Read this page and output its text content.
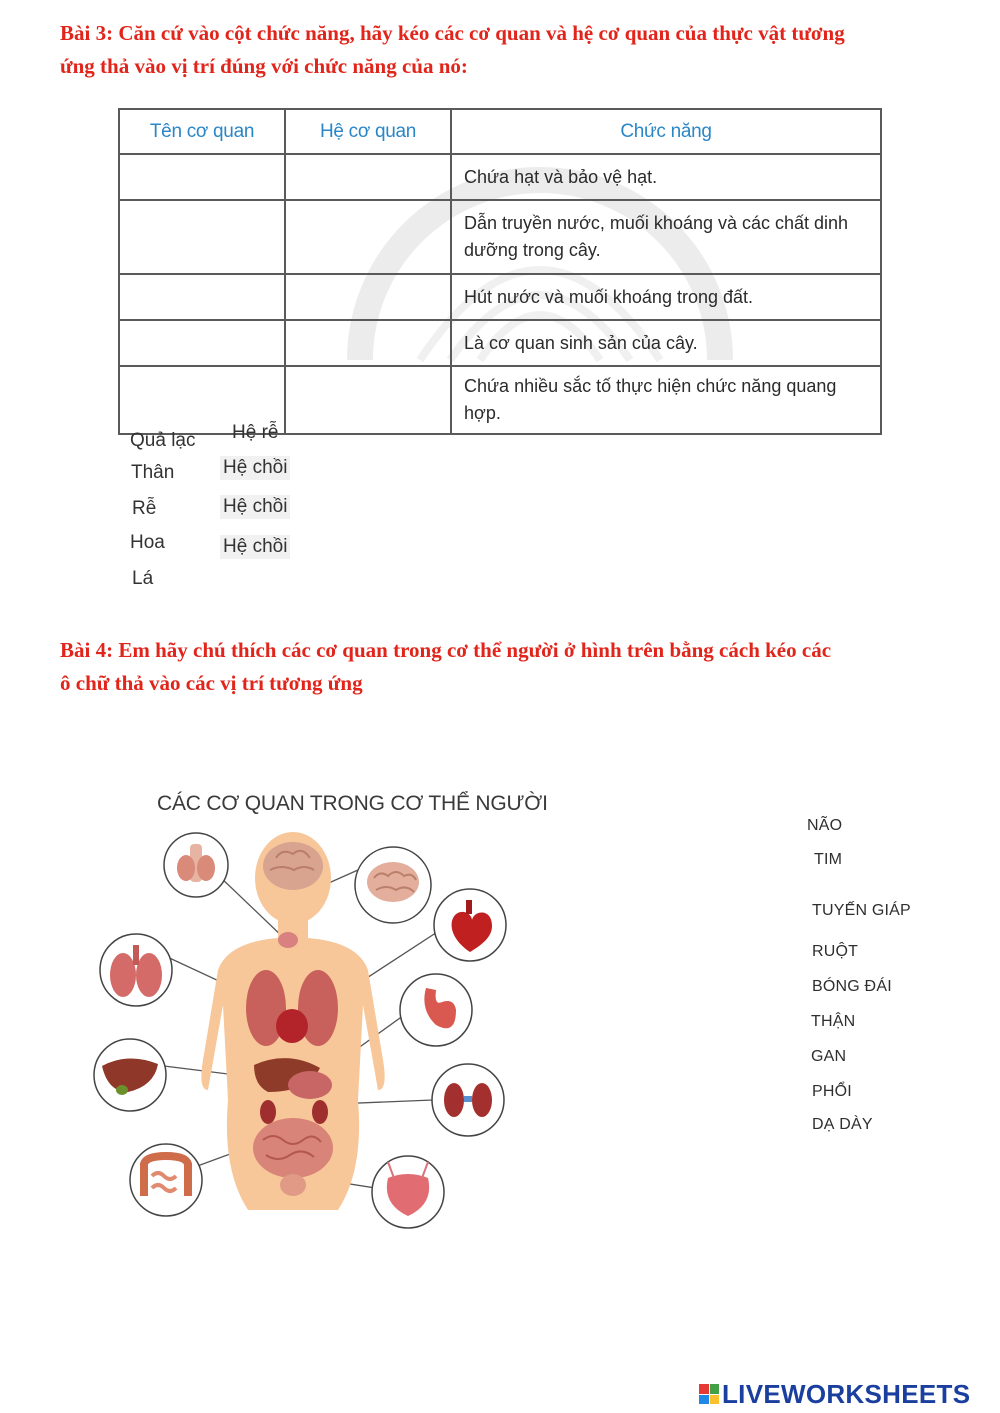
Bài 3: Căn cứ vào cột chức năng, hãy kéo các cơ quan và hệ cơ quan của thực vật tương
ứng thả vào vị trí đúng với chức năng của nó:
Tên cơ quan	Hệ cơ quan	Chức năng
		Chứa hạt và bảo vệ hạt.
		Dẫn truyền nước, muối khoáng và các chất dinh dưỡng trong cây.
		Hút nước và muối khoáng trong đất.
		Là cơ quan sinh sản của cây.
		Chứa nhiều sắc tố thực hiện chức năng quang hợp.
Quả lạc
Thân
Rễ
Hoa
Lá
Hệ rễ
Hệ chồi
Hệ chồi
Hệ chồi
Bài 4: Em hãy chú thích các cơ quan trong cơ thể người ở hình trên bằng cách kéo các
ô chữ thả vào các vị trí tương ứng
CÁC CƠ QUAN TRONG CƠ THỂ NGƯỜI
NÃO
TIM
TUYẾN GIÁP
RUỘT
BÓNG ĐÁI
THẬN
GAN
PHỔI
DẠ DÀY
LIVEWORKSHEETS
